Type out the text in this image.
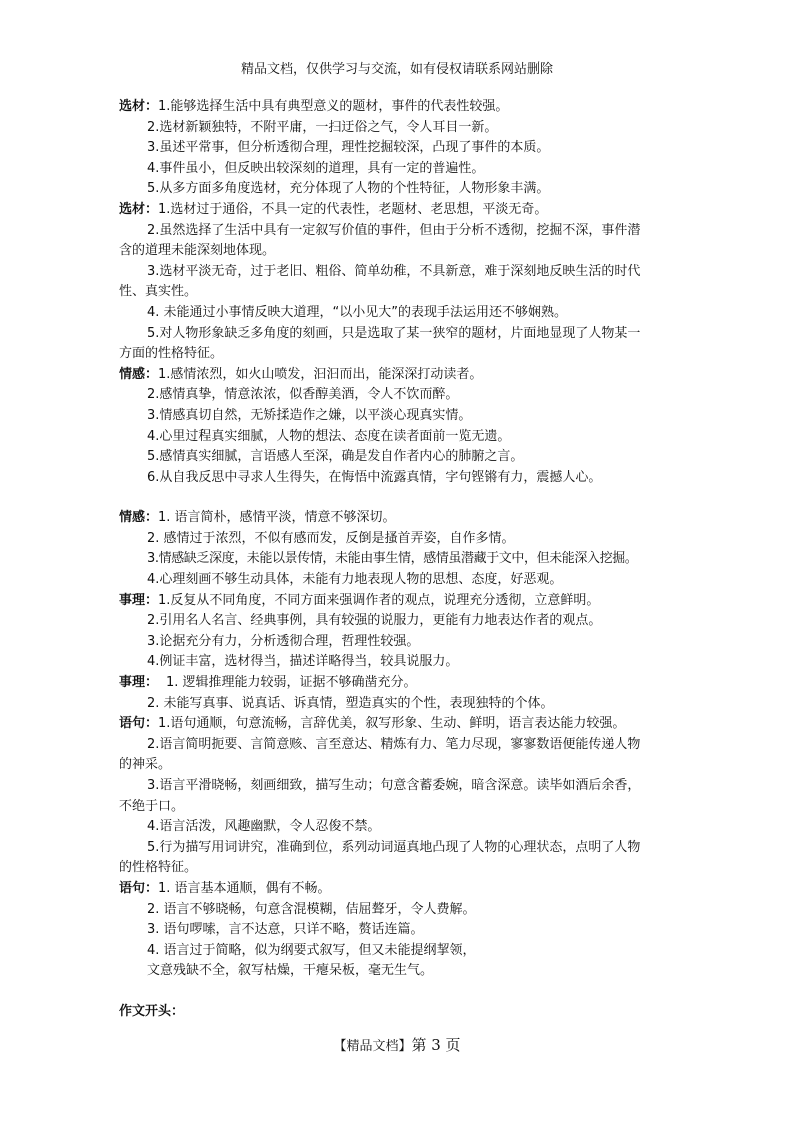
精品文档，仅供学习与交流，如有侵权请联系网站删除
选材：1.能够选择生活中具有典型意义的题材，事件的代表性较强。
2.选材新颖独特，不附平庸，一扫迂俗之气，令人耳目一新。
3.虽述平常事，但分析透彻合理，理性挖掘较深，凸现了事件的本质。
4.事件虽小，但反映出较深刻的道理，具有一定的普遍性。
5.从多方面多角度选材，充分体现了人物的个性特征，人物形象丰满。
选材：1.选材过于通俗，不具一定的代表性，老题材、老思想，平淡无奇。
2.虽然选择了生活中具有一定叙写价值的事件，但由于分析不透彻，挖掘不深，事件潜
含的道理未能深刻地体现。
3.选材平淡无奇，过于老旧、粗俗、简单幼稚，不具新意，难于深刻地反映生活的时代
性、真实性。
4. 未能通过小事情反映大道理，“以小见大”的表现手法运用还不够娴熟。
5.对人物形象缺乏多角度的刻画，只是选取了某一狭窄的题材，片面地显现了人物某一
方面的性格特征。
情感：1.感情浓烈，如火山喷发，汩汩而出，能深深打动读者。
2.感情真挚，情意浓浓，似香醇美酒，令人不饮而醉。
3.情感真切自然，无矫揉造作之嫌，以平淡心现真实情。
4.心里过程真实细腻，人物的想法、态度在读者面前一览无遗。
5.感情真实细腻，言语感人至深，确是发自作者内心的肺腑之言。
6.从自我反思中寻求人生得失，在悔悟中流露真情，字句铿锵有力，震撼人心。
情感：1. 语言简朴，感情平淡，情意不够深切。
2. 感情过于浓烈，不似有感而发，反倒是搔首弄姿，自作多情。
3.情感缺乏深度，未能以景传情，未能由事生情，感情虽潜藏于文中，但未能深入挖掘。
4.心理刻画不够生动具体，未能有力地表现人物的思想、态度，好恶观。
事理：1.反复从不同角度，不同方面来强调作者的观点，说理充分透彻，立意鲜明。
2.引用名人名言、经典事例，具有较强的说服力，更能有力地表达作者的观点。
3.论据充分有力，分析透彻合理，哲理性较强。
4.例证丰富，选材得当，描述详略得当，较具说服力。
事理： 1. 逻辑推理能力较弱，证据不够确凿充分。
2. 未能写真事、说真话、诉真情，塑造真实的个性，表现独特的个体。
语句：1.语句通顺，句意流畅，言辞优美，叙写形象、生动、鲜明，语言表达能力较强。
2.语言简明扼要、言简意赅、言至意达、精炼有力、笔力尽现，寥寥数语便能传递人物
的神采。
3.语言平滑晓畅，刻画细致，描写生动；句意含蓄委婉，暗含深意。读毕如酒后余香，
不绝于口。
4.语言活泼，风趣幽默，令人忍俊不禁。
5.行为描写用词讲究，准确到位，系列动词逼真地凸现了人物的心理状态，点明了人物
的性格特征。
语句：1. 语言基本通顺，偶有不畅。
2. 语言不够晓畅，句意含混模糊，佶屈聱牙，令人费解。
3. 语句啰嗦，言不达意，只详不略，赘话连篇。
4. 语言过于简略，似为纲要式叙写，但又未能提纲挈领，
文意残缺不全，叙写枯燥，干瘪呆板，毫无生气。
作文开头：
【精品文档】第 3 页
